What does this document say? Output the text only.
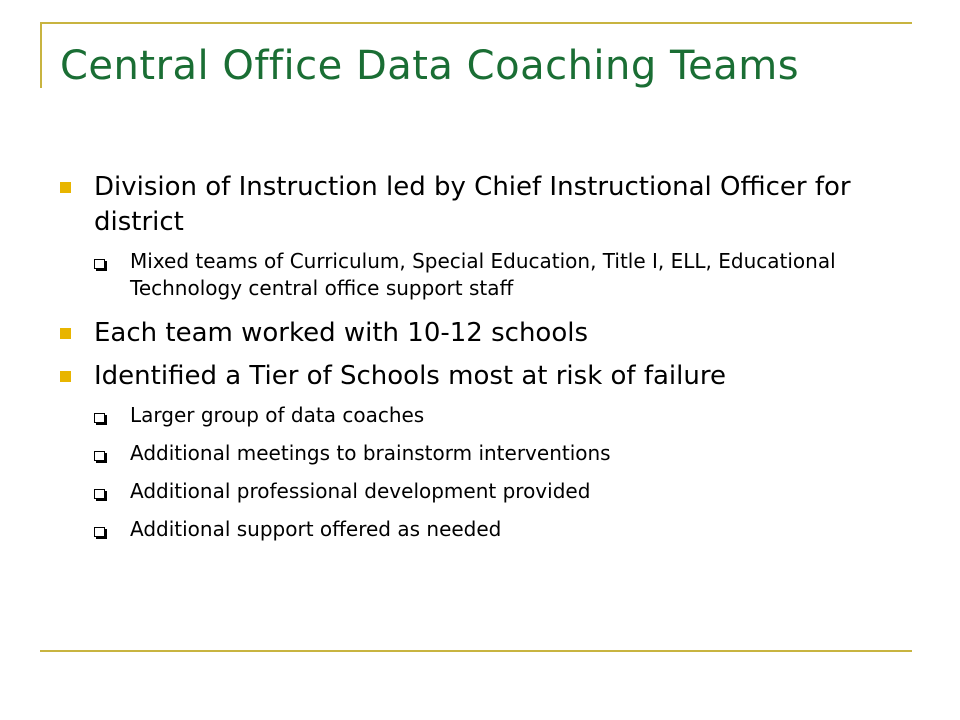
Central Office Data Coaching Teams
Division of Instruction led by Chief Instructional Officer for district
Mixed teams of Curriculum, Special Education, Title I, ELL, Educational Technology central office support staff
Each team worked with 10-12 schools
Identified a Tier of Schools most at risk of failure
Larger group of data coaches
Additional meetings to brainstorm interventions
Additional professional development provided
Additional support offered as needed
